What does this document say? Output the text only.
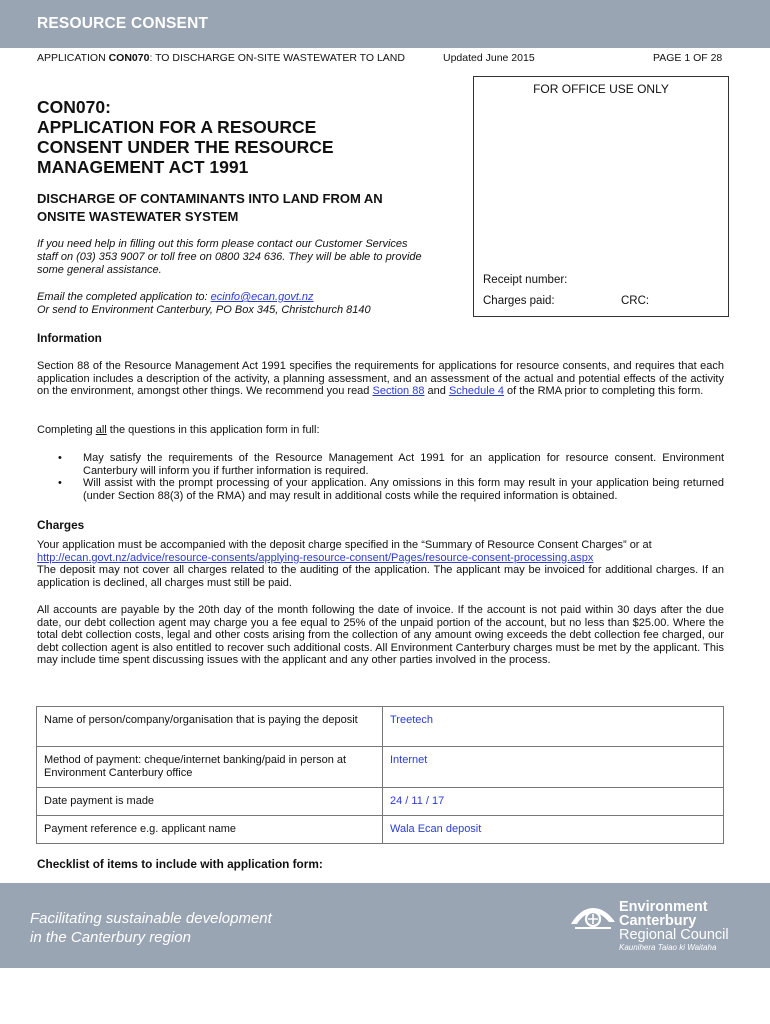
RESOURCE CONSENT
APPLICATION CON070: TO DISCHARGE ON-SITE WASTEWATER TO LAND	Updated June 2015	PAGE 1 OF 28
FOR OFFICE USE ONLY
Receipt number:
Charges paid:	CRC:
CON070:
APPLICATION FOR A RESOURCE
CONSENT UNDER THE RESOURCE
MANAGEMENT ACT 1991
DISCHARGE OF CONTAMINANTS INTO LAND FROM AN
ONSITE WASTEWATER SYSTEM
If you need help in filling out this form please contact our Customer Services
staff on (03) 353 9007 or toll free on 0800 324 636. They will be able to provide
some general assistance.
Email the completed application to: ecinfo@ecan.govt.nz
Or send to Environment Canterbury, PO Box 345, Christchurch 8140
Information

Section 88 of the Resource Management Act 1991 specifies the requirements for applications for resource consents, and requires that each application includes a description of the activity, a planning assessment, and an assessment of the actual and potential effects of the activity on the environment, amongst other things. We recommend you read Section 88 and Schedule 4 of the RMA prior to completing this form.

Completing all the questions in this application form in full:

• May satisfy the requirements of the Resource Management Act 1991 for an application for resource consent. Environment Canterbury will inform you if further information is required.
• Will assist with the prompt processing of your application. Any omissions in this form may result in your application being returned (under Section 88(3) of the RMA) and may result in additional costs while the required information is obtained.
Charges
Your application must be accompanied with the deposit charge specified in the “Summary of Resource Consent Charges” or at
http://ecan.govt.nz/advice/resource-consents/applying-resource-consent/Pages/resource-consent-processing.aspx
The deposit may not cover all charges related to the auditing of the application. The applicant may be invoiced for additional charges. If an application is declined, all charges must still be paid.

All accounts are payable by the 20th day of the month following the date of invoice. If the account is not paid within 30 days after the due date, our debt collection agent may charge you a fee equal to 25% of the unpaid portion of the account, but no less than $25.00. Where the total debt collection costs, legal and other costs arising from the collection of any amount owing exceeds the debt collection fee charged, our debt collection agent is also entitled to recover such additional costs. All Environment Canterbury charges must be met by the applicant. This may include time spent discussing issues with the applicant and any other parties involved in the process.

Name of person/company/organisation that is paying the deposit	Treetech
Method of payment: cheque/internet banking/paid in person at Environment Canterbury office	Internet
Date payment is made	24 / 11 / 17
Payment reference e.g. applicant name	Wala Ecan deposit
Checklist of items to include with application form:
Facilitating sustainable development
in the Canterbury region
Environment
Canterbury
Regional Council
Kaunihera Taiao ki Waitaha
